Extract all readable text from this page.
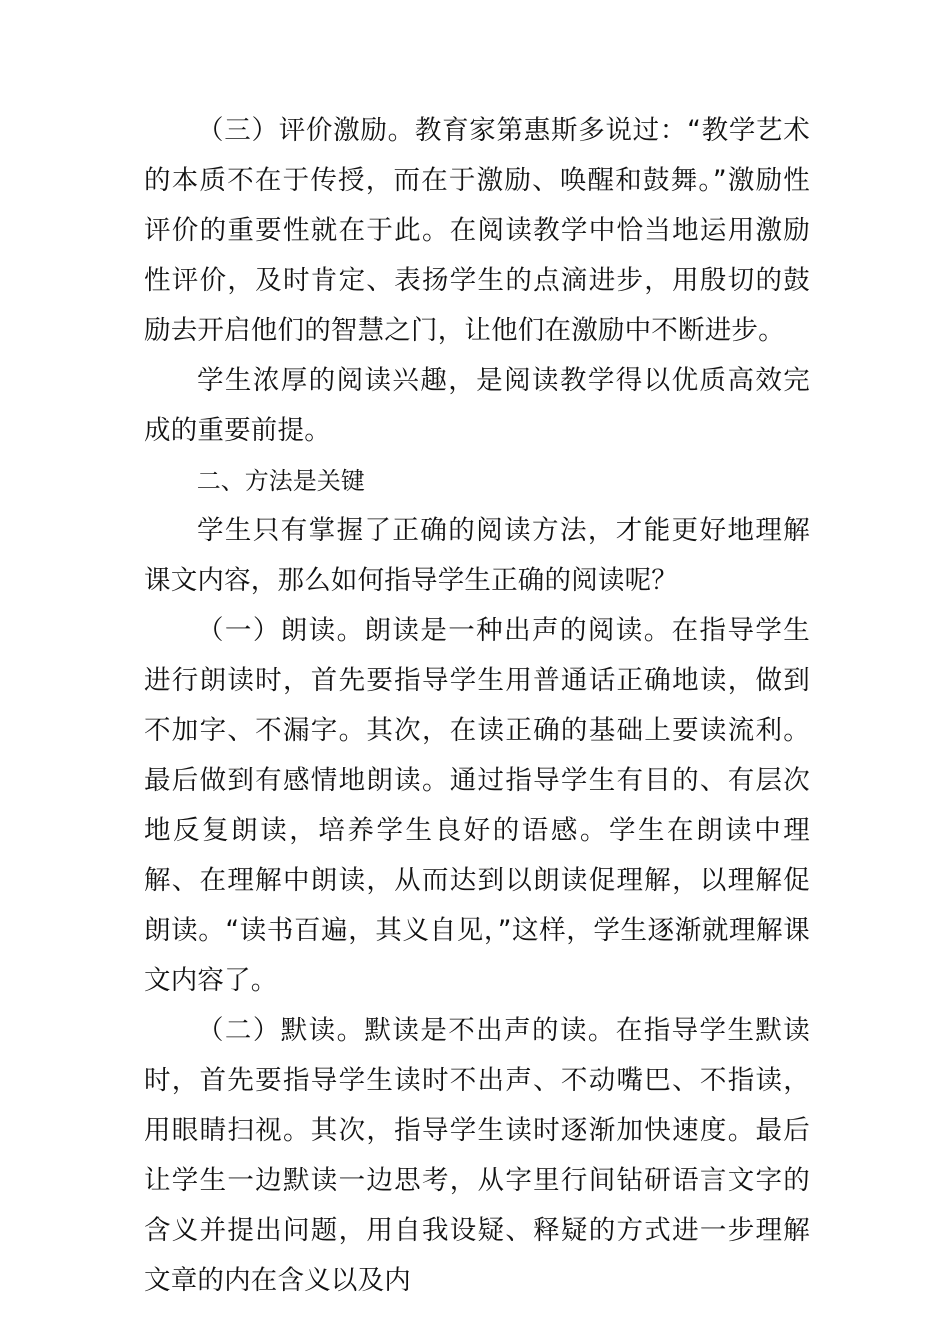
（三）评价激励。教育家第惠斯多说过：“教学艺术的本质不在于传授，而在于激励、唤醒和鼓舞。”激励性评价的重要性就在于此。在阅读教学中恰当地运用激励性评价，及时肯定、表扬学生的点滴进步，用殷切的鼓励去开启他们的智慧之门，让他们在激励中不断进步。

学生浓厚的阅读兴趣，是阅读教学得以优质高效完成的重要前提。

二、方法是关键

学生只有掌握了正确的阅读方法，才能更好地理解课文内容，那么如何指导学生正确的阅读呢？

（一）朗读。朗读是一种出声的阅读。在指导学生进行朗读时，首先要指导学生用普通话正确地读，做到不加字、不漏字。其次，在读正确的基础上要读流利。最后做到有感情地朗读。通过指导学生有目的、有层次地反复朗读，培养学生良好的语感。学生在朗读中理解、在理解中朗读，从而达到以朗读促理解，以理解促朗读。“读书百遍，其义自见，”这样，学生逐渐就理解课文内容了。

（二）默读。默读是不出声的读。在指导学生默读时，首先要指导学生读时不出声、不动嘴巴、不指读，用眼睛扫视。其次，指导学生读时逐渐加快速度。最后让学生一边默读一边思考，从字里行间钻研语言文字的含义并提出问题，用自我设疑、释疑的方式进一步理解文章的内在含义以及内
